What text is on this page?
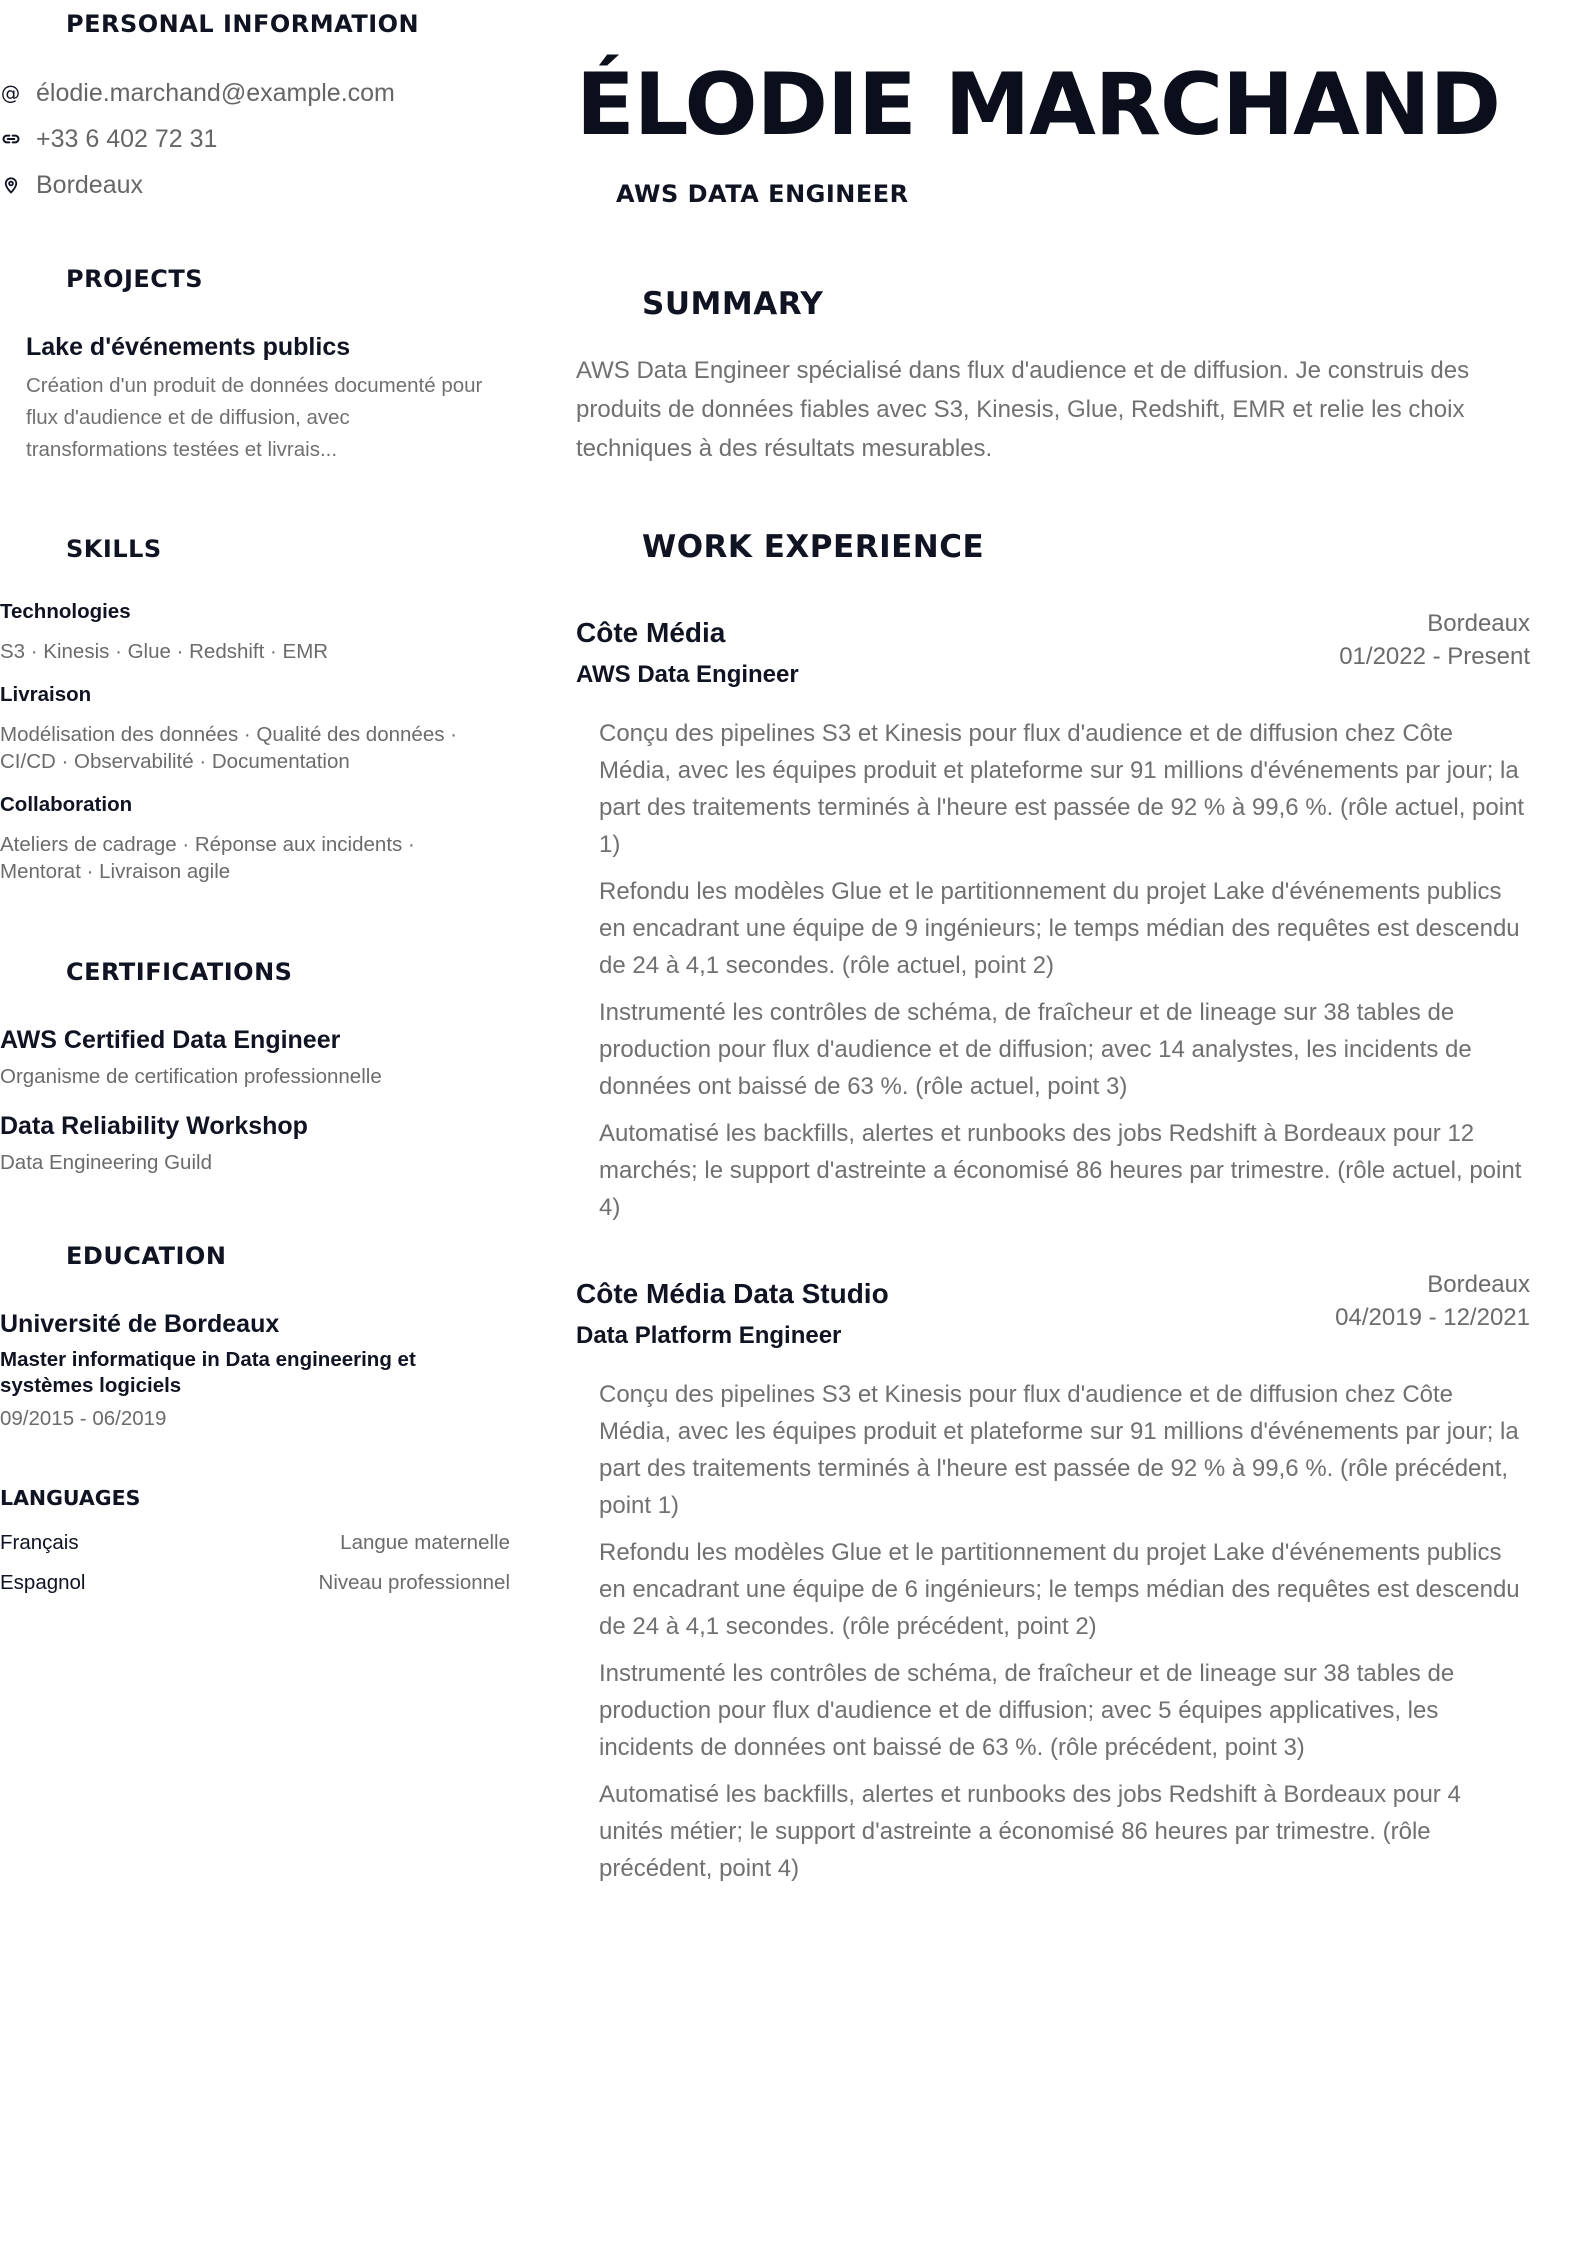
PERSONAL INFORMATION
@ élodie.marchand@example.com
+33 6 402 72 31
Bordeaux
PROJECTS
Lake d'événements publics
Création d'un produit de données documenté pour flux d'audience et de diffusion, avec transformations testées et livrais...
SKILLS
Technologies
S3 · Kinesis · Glue · Redshift · EMR
Livraison
Modélisation des données · Qualité des données · CI/CD · Observabilité · Documentation
Collaboration
Ateliers de cadrage · Réponse aux incidents · Mentorat · Livraison agile
CERTIFICATIONS
AWS Certified Data Engineer
Organisme de certification professionnelle
Data Reliability Workshop
Data Engineering Guild
EDUCATION
Université de Bordeaux
Master informatique in Data engineering et systèmes logiciels
09/2015 - 06/2019
LANGUAGES
Français	Langue maternelle
Espagnol	Niveau professionnel
ÉLODIE MARCHAND
AWS DATA ENGINEER
SUMMARY
AWS Data Engineer spécialisé dans flux d'audience et de diffusion. Je construis des produits de données fiables avec S3, Kinesis, Glue, Redshift, EMR et relie les choix techniques à des résultats mesurables.
WORK EXPERIENCE
Côte Média
AWS Data Engineer
Bordeaux
01/2022 - Present

Conçu des pipelines S3 et Kinesis pour flux d'audience et de diffusion chez Côte Média, avec les équipes produit et plateforme sur 91 millions d'événements par jour; la part des traitements terminés à l'heure est passée de 92 % à 99,6 %. (rôle actuel, point 1)

Refondu les modèles Glue et le partitionnement du projet Lake d'événements publics en encadrant une équipe de 9 ingénieurs; le temps médian des requêtes est descendu de 24 à 4,1 secondes. (rôle actuel, point 2)

Instrumenté les contrôles de schéma, de fraîcheur et de lineage sur 38 tables de production pour flux d'audience et de diffusion; avec 14 analystes, les incidents de données ont baissé de 63 %. (rôle actuel, point 3)

Automatisé les backfills, alertes et runbooks des jobs Redshift à Bordeaux pour 12 marchés; le support d'astreinte a économisé 86 heures par trimestre. (rôle actuel, point 4)

Côte Média Data Studio
Data Platform Engineer
Bordeaux
04/2019 - 12/2021

Conçu des pipelines S3 et Kinesis pour flux d'audience et de diffusion chez Côte Média, avec les équipes produit et plateforme sur 91 millions d'événements par jour; la part des traitements terminés à l'heure est passée de 92 % à 99,6 %. (rôle précédent, point 1)

Refondu les modèles Glue et le partitionnement du projet Lake d'événements publics en encadrant une équipe de 6 ingénieurs; le temps médian des requêtes est descendu de 24 à 4,1 secondes. (rôle précédent, point 2)

Instrumenté les contrôles de schéma, de fraîcheur et de lineage sur 38 tables de production pour flux d'audience et de diffusion; avec 5 équipes applicatives, les incidents de données ont baissé de 63 %. (rôle précédent, point 3)

Automatisé les backfills, alertes et runbooks des jobs Redshift à Bordeaux pour 4 unités métier; le support d'astreinte a économisé 86 heures par trimestre. (rôle précédent, point 4)
